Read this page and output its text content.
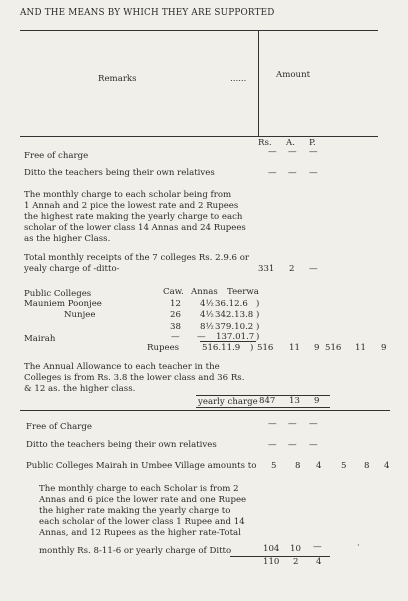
AND THE MEANS BY WHICH THEY ARE SUPPORTED
Remarks	......	Amount
Rs. A. P.
Free of charge	— — —
Ditto the teachers being their own relatives	— — —
The monthly charge to each scholar being from
1 Annah and 2 pice the lowest rate and 2 Rupees
the highest rate making the yearly charge to each
scholar of the lower class 14 Annas and 24 Rupees
as the higher Class.
Total monthly receipts of the 7 colleges Rs. 2.9.6 or
yealy charge of -ditto-	331 2 —
Public Colleges	Caw. Annas Teerwa
Mauniem Poonjee	12 4½ 36.12.6 )
Nunjee	26 4½ 342.13.8 )
38 8½ 379.10.2 )
Mairah	— — 137.01.7 )
Rupees	516.11.9 ) 516 11 9 516 11 9
The Annual Allowance to each teacher in the
Colleges is from Rs. 3.8 the lower class and 36 Rs.
& 12 as. the higher class.
yearly charge 847 13 9
Free of Charge	— — —
Ditto the teachers being their own relatives	— — —
Public Colleges Mairah in Umbee Village amounts to 5 8 4 5 8 4
The monthly charge to each Scholar is from 2
Annas and 6 pice the lower rate and one Rupee
the higher rate making the yearly charge to
each scholar of the lower class 1 Rupee and 14
Annas, and 12 Rupees as the higher rate-Total
monthly Rs. 8-11-6 or yearly charge of Ditto	104 10 —	·
110 2 4
